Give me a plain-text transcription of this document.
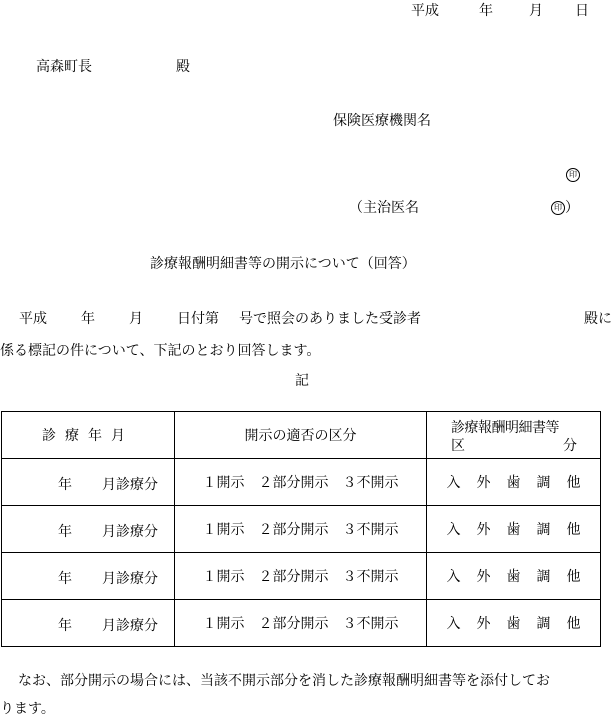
平成	年	月 日
高森町長	殿
保険医療機関名
印
（主治医名	印 ）
診療報酬明細書等の開示について（回答）
平成 年 月 日付第 号で照会のありました受診者	殿に
係る標記の件について、下記のとおり回答します。
記
診療年月	開示の適否の区分	診療報酬明細書等
区 分

年 月診療分	１開示　２部分開示　３不開示	入 外 歯 調 他

年 月診療分	１開示　２部分開示　３不開示	入 外 歯 調 他

年 月診療分	１開示　２部分開示　３不開示	入 外 歯 調 他

年 月診療分	１開示　２部分開示　３不開示	入 外 歯 調 他
なお、部分開示の場合には、当該不開示部分を消した診療報酬明細書等を添付してお
ります。
